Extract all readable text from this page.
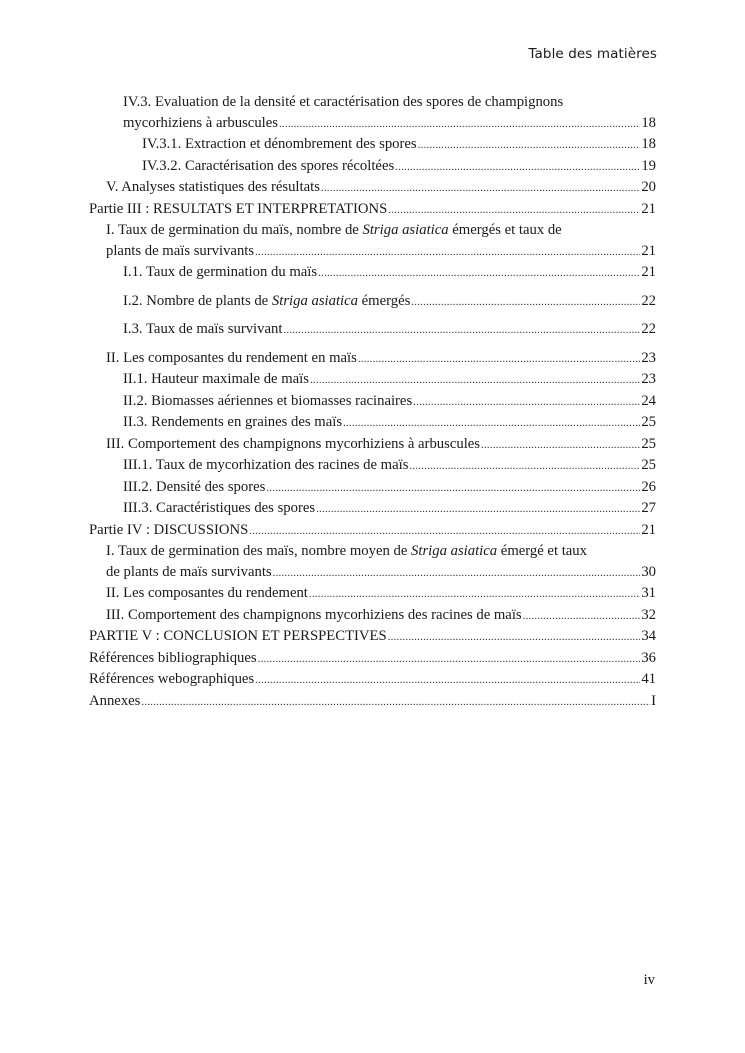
Table des matières
IV.3. Evaluation de la densité et caractérisation des spores de champignons
mycorhiziens à arbuscules .....	18
IV.3.1. Extraction et dénombrement des spores .....	18
IV.3.2. Caractérisation des spores récoltées .....	19
V. Analyses statistiques des résultats .....	20
Partie III : RESULTATS ET INTERPRETATIONS .....	21
I. Taux de germination du maïs, nombre de Striga asiatica émergés et taux de
plants de maïs survivants .....	21
I.1. Taux de germination du maïs .....	21
I.2. Nombre de plants de Striga asiatica émergés .....	22
I.3. Taux de maïs survivant .....	22
II. Les composantes du rendement en maïs .....	23
II.1. Hauteur maximale de maïs .....	23
II.2. Biomasses aériennes et biomasses racinaires .....	24
II.3. Rendements en graines des maïs .....	25
III. Comportement des champignons mycorhiziens à arbuscules .....	25
III.1. Taux de mycorhization des racines de maïs .....	25
III.2. Densité des spores .....	26
III.3. Caractéristiques des spores .....	27
Partie IV : DISCUSSIONS .....	21
I. Taux de germination des maïs, nombre moyen de Striga asiatica émergé et taux
de plants de maïs survivants .....	30
II. Les composantes du rendement .....	31
III. Comportement des champignons mycorhiziens des racines de maïs .....	32
PARTIE V : CONCLUSION ET PERSPECTIVES .....	34
Références bibliographiques .....	36
Références webographiques .....	41
Annexes .....	I
iv
